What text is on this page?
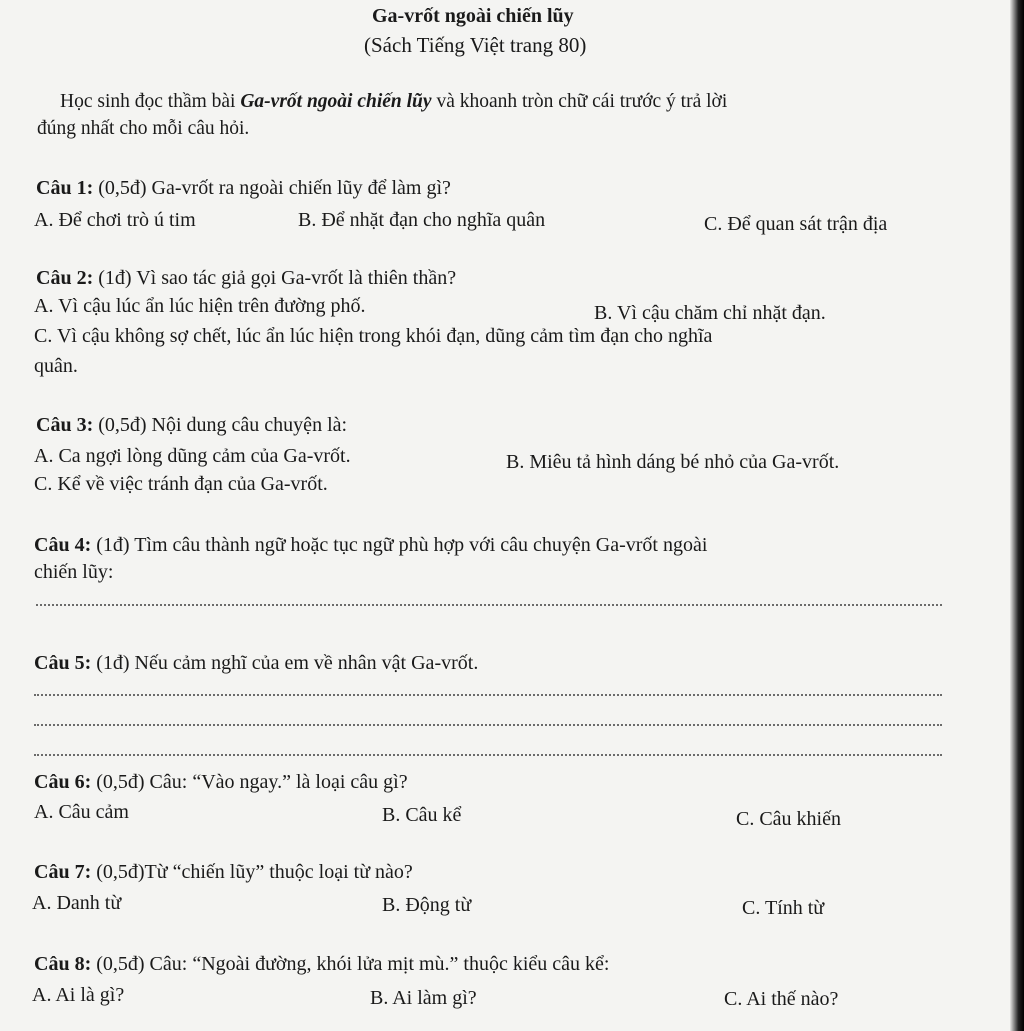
Ga-vrốt ngoài chiến lũy
(Sách Tiếng Việt trang 80)
Học sinh đọc thầm bài Ga-vrốt ngoài chiến lũy và khoanh tròn chữ cái trước ý trả lời
đúng nhất cho mỗi câu hỏi.
Câu 1: (0,5đ) Ga-vrốt ra ngoài chiến lũy để làm gì?
A. Để chơi trò ú tim	B. Để nhặt đạn cho nghĩa quân	C. Để quan sát trận địa
Câu 2: (1đ) Vì sao tác giả gọi Ga-vrốt là thiên thần?
A. Vì cậu lúc ẩn lúc hiện trên đường phố.	B. Vì cậu chăm chỉ nhặt đạn.
C. Vì cậu không sợ chết, lúc ẩn lúc hiện trong khói đạn, dũng cảm tìm đạn cho nghĩa
quân.
Câu 3: (0,5đ) Nội dung câu chuyện là:
A. Ca ngợi lòng dũng cảm của Ga-vrốt.	B. Miêu tả hình dáng bé nhỏ của Ga-vrốt.
C. Kể về việc tránh đạn của Ga-vrốt.
Câu 4: (1đ) Tìm câu thành ngữ hoặc tục ngữ phù hợp với câu chuyện Ga-vrốt ngoài
chiến lũy:
Câu 5: (1đ) Nếu cảm nghĩ của em về nhân vật Ga-vrốt.
Câu 6: (0,5đ) Câu: “Vào ngay.” là loại câu gì?
A. Câu cảm	B. Câu kể	C. Câu khiến
Câu 7: (0,5đ)Từ “chiến lũy” thuộc loại từ nào?
A. Danh từ	B. Động từ	C. Tính từ
Câu 8: (0,5đ) Câu: “Ngoài đường, khói lửa mịt mù.” thuộc kiểu câu kể:
A. Ai là gì?	B. Ai làm gì?	C. Ai thế nào?
